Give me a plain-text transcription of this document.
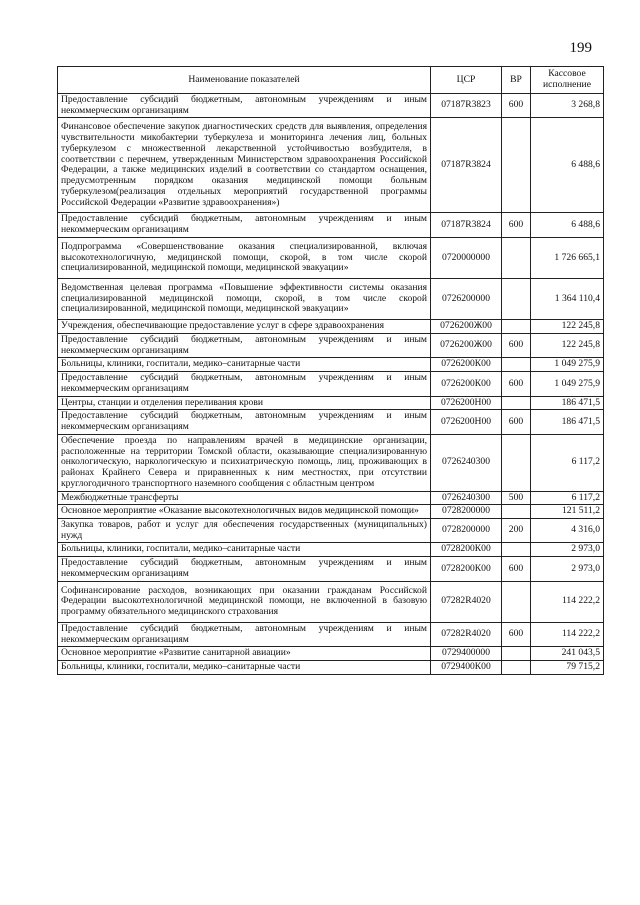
199
Наименование показателей	ЦСР	ВР	Кассовое исполнение
Предоставление субсидий бюджетным, автономным учреждениям и иным некоммерческим организациям	07187R3823	600	3 268,8
Финансовое обеспечение закупок диагностических средств для выявления, определения чувствительности микобактерии туберкулеза и мониторинга лечения лиц, больных туберкулезом с множественной лекарственной устойчивостью возбудителя, в соответствии с перечнем, утвержденным Министерством здравоохранения Российской Федерации, а также медицинских изделий в соответствии со стандартом оснащения, предусмотренным порядком оказания медицинской помощи больным туберкулезом(реализация отдельных мероприятий государственной программы Российской Федерации «Развитие здравоохранения»)	07187R3824		6 488,6
Предоставление субсидий бюджетным, автономным учреждениям и иным некоммерческим организациям	07187R3824	600	6 488,6
Подпрограмма «Совершенствование оказания специализированной, включая высокотехнологичную, медицинской помощи, скорой, в том числе скорой специализированной, медицинской помощи, медицинской эвакуации»	0720000000		1 726 665,1
Ведомственная целевая программа «Повышение эффективности системы оказания специализированной медицинской помощи, скорой, в том числе скорой специализированной, медицинской помощи, медицинской эвакуации»	0726200000		1 364 110,4
Учреждения, обеспечивающие предоставление услуг в сфере здравоохранения	0726200Ж00		122 245,8
Предоставление субсидий бюджетным, автономным учреждениям и иным некоммерческим организациям	0726200Ж00	600	122 245,8
Больницы, клиники, госпитали, медико–санитарные части	0726200К00		1 049 275,9
Предоставление субсидий бюджетным, автономным учреждениям и иным некоммерческим организациям	0726200К00	600	1 049 275,9
Центры, станции и отделения переливания крови	0726200Н00		186 471,5
Предоставление субсидий бюджетным, автономным учреждениям и иным некоммерческим организациям	0726200Н00	600	186 471,5
Обеспечение проезда по направлениям врачей в медицинские организации, расположенные на территории Томской области, оказывающие специализированную онкологическую, наркологическую и психиатрическую помощь, лиц, проживающих в районах Крайнего Севера и приравненных к ним местностях, при отсутствии круглогодичного транспортного наземного сообщения с областным центром	0726240300		6 117,2
Межбюджетные трансферты	0726240300	500	6 117,2
Основное мероприятие «Оказание высокотехнологичных видов медицинской помощи»	0728200000		121 511,2
Закупка товаров, работ и услуг для обеспечения государственных (муниципальных) нужд	0728200000	200	4 316,0
Больницы, клиники, госпитали, медико–санитарные части	0728200К00		2 973,0
Предоставление субсидий бюджетным, автономным учреждениям и иным некоммерческим организациям	0728200К00	600	2 973,0
Софинансирование расходов, возникающих при оказании гражданам Российской Федерации высокотехнологичной медицинской помощи, не включенной в базовую программу обязательного медицинского страхования	07282R4020		114 222,2
Предоставление субсидий бюджетным, автономным учреждениям и иным некоммерческим организациям	07282R4020	600	114 222,2
Основное мероприятие «Развитие санитарной авиации»	0729400000		241 043,5
Больницы, клиники, госпитали, медико–санитарные части	0729400К00		79 715,2
